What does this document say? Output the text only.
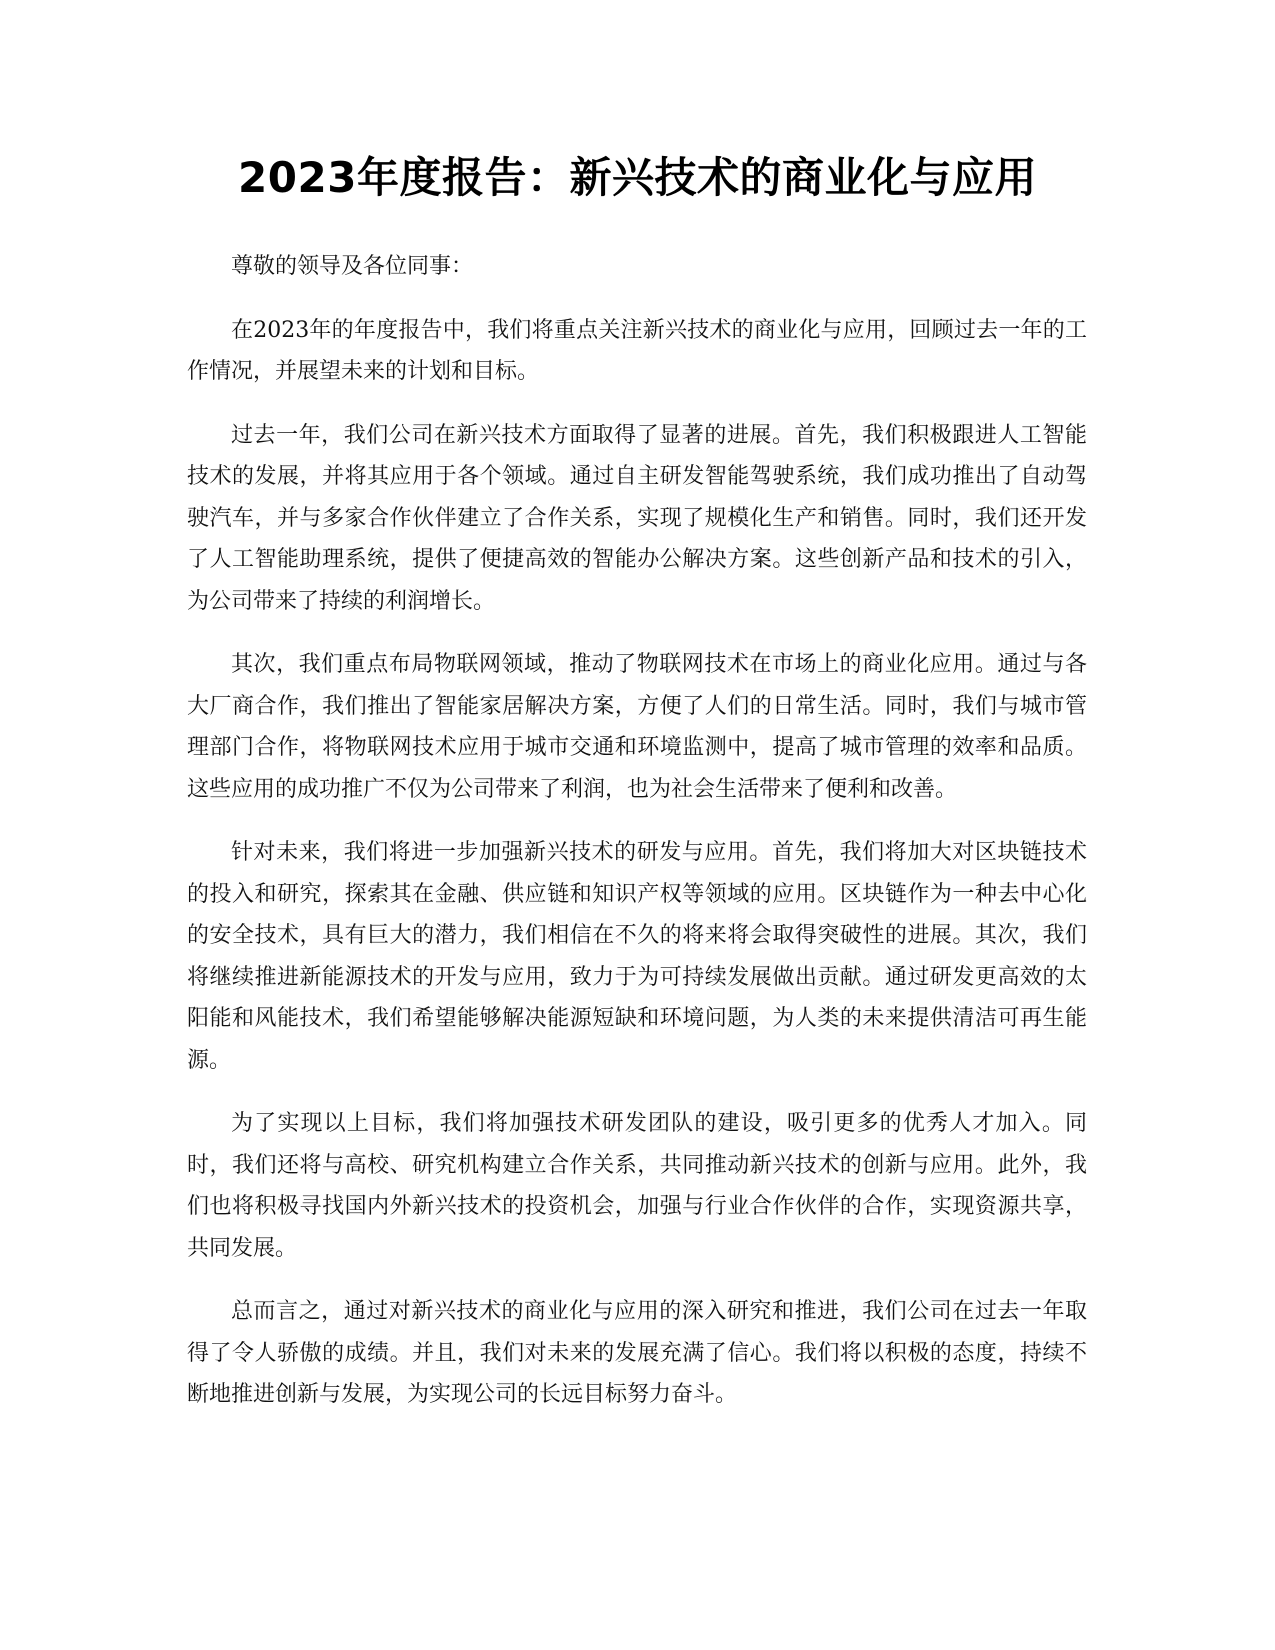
2023年度报告：新兴技术的商业化与应用

尊敬的领导及各位同事：

在2023年的年度报告中，我们将重点关注新兴技术的商业化与应用，回顾过去一年的工作情况，并展望未来的计划和目标。

过去一年，我们公司在新兴技术方面取得了显著的进展。首先，我们积极跟进人工智能技术的发展，并将其应用于各个领域。通过自主研发智能驾驶系统，我们成功推出了自动驾驶汽车，并与多家合作伙伴建立了合作关系，实现了规模化生产和销售。同时，我们还开发了人工智能助理系统，提供了便捷高效的智能办公解决方案。这些创新产品和技术的引入，为公司带来了持续的利润增长。

其次，我们重点布局物联网领域，推动了物联网技术在市场上的商业化应用。通过与各大厂商合作，我们推出了智能家居解决方案，方便了人们的日常生活。同时，我们与城市管理部门合作，将物联网技术应用于城市交通和环境监测中，提高了城市管理的效率和品质。这些应用的成功推广不仅为公司带来了利润，也为社会生活带来了便利和改善。

针对未来，我们将进一步加强新兴技术的研发与应用。首先，我们将加大对区块链技术的投入和研究，探索其在金融、供应链和知识产权等领域的应用。区块链作为一种去中心化的安全技术，具有巨大的潜力，我们相信在不久的将来将会取得突破性的进展。其次，我们将继续推进新能源技术的开发与应用，致力于为可持续发展做出贡献。通过研发更高效的太阳能和风能技术，我们希望能够解决能源短缺和环境问题，为人类的未来提供清洁可再生能源。

为了实现以上目标，我们将加强技术研发团队的建设，吸引更多的优秀人才加入。同时，我们还将与高校、研究机构建立合作关系，共同推动新兴技术的创新与应用。此外，我们也将积极寻找国内外新兴技术的投资机会，加强与行业合作伙伴的合作，实现资源共享，共同发展。

总而言之，通过对新兴技术的商业化与应用的深入研究和推进，我们公司在过去一年取得了令人骄傲的成绩。并且，我们对未来的发展充满了信心。我们将以积极的态度，持续不断地推进创新与发展，为实现公司的长远目标努力奋斗。
